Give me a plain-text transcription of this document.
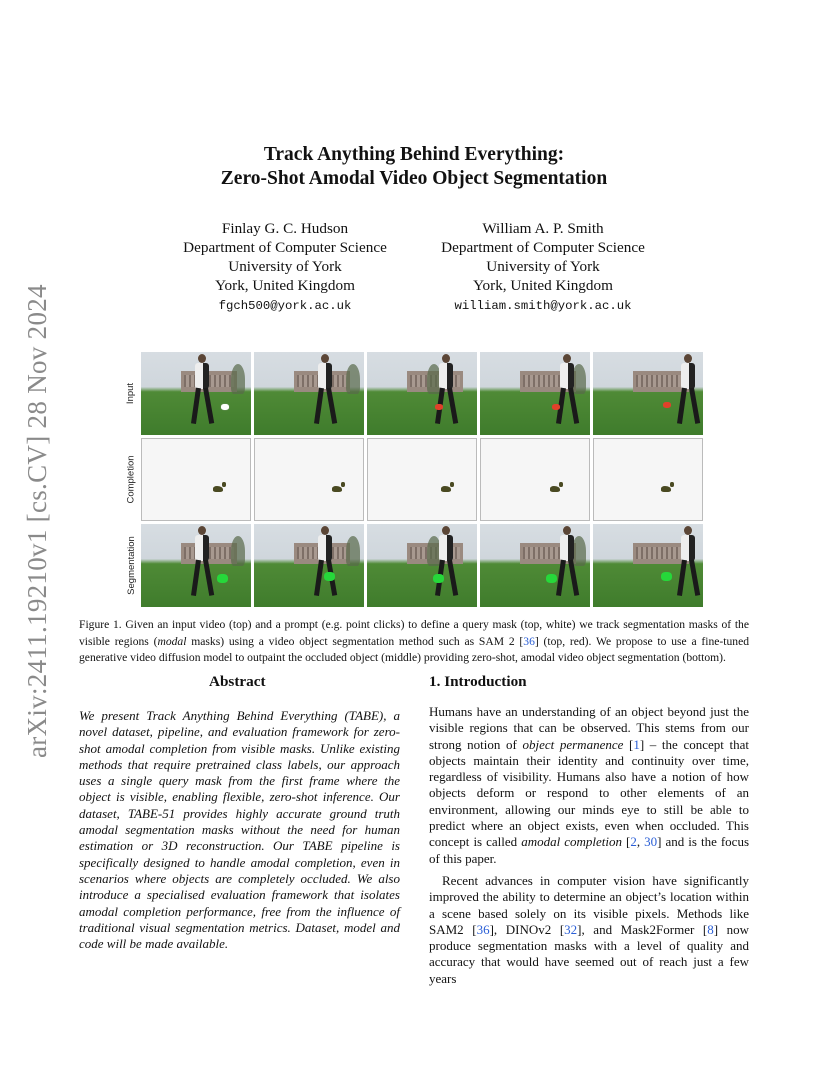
arXiv:2411.19210v1 [cs.CV] 28 Nov 2024
Track Anything Behind Everything:
Zero-Shot Amodal Video Object Segmentation
Finlay G. C. Hudson
Department of Computer Science
University of York
York, United Kingdom
fgch500@york.ac.uk
William A. P. Smith
Department of Computer Science
University of York
York, United Kingdom
william.smith@york.ac.uk
Input
Completion
Segmentation
Figure 1. Given an input video (top) and a prompt (e.g. point clicks) to define a query mask (top, white) we track segmentation masks of the visible regions (modal masks) using a video object segmentation method such as SAM 2 [36] (top, red). We propose to use a fine-tuned generative video diffusion model to outpaint the occluded object (middle) providing zero-shot, amodal video object segmentation (bottom).
Abstract	1. Introduction
We present Track Anything Behind Everything (TABE), a novel dataset, pipeline, and evaluation framework for zero-shot amodal completion from visible masks. Unlike existing methods that require pretrained class labels, our approach uses a single query mask from the first frame where the object is visible, enabling flexible, zero-shot inference. Our dataset, TABE-51 provides highly accurate ground truth amodal segmentation masks without the need for human estimation or 3D reconstruction. Our TABE pipeline is specifically designed to handle amodal completion, even in scenarios where objects are completely occluded. We also introduce a specialised evaluation framework that isolates amodal completion performance, free from the influence of traditional visual segmentation metrics. Dataset, model and code will be made available.

Humans have an understanding of an object beyond just the visible regions that can be observed. This stems from our strong notion of object permanence [1] – the concept that objects maintain their identity and continuity over time, regardless of visibility. Humans also have a notion of how objects deform or respond to other elements of an environment, allowing our minds eye to still be able to predict where an object exists, even when occluded. This concept is called amodal completion [2, 30] and is the focus of this paper.

Recent advances in computer vision have significantly improved the ability to determine an object’s location within a scene based solely on its visible pixels. Methods like SAM2 [36], DINOv2 [32], and Mask2Former [8] now produce segmentation masks with a level of quality and accuracy that would have seemed out of reach just a few years
